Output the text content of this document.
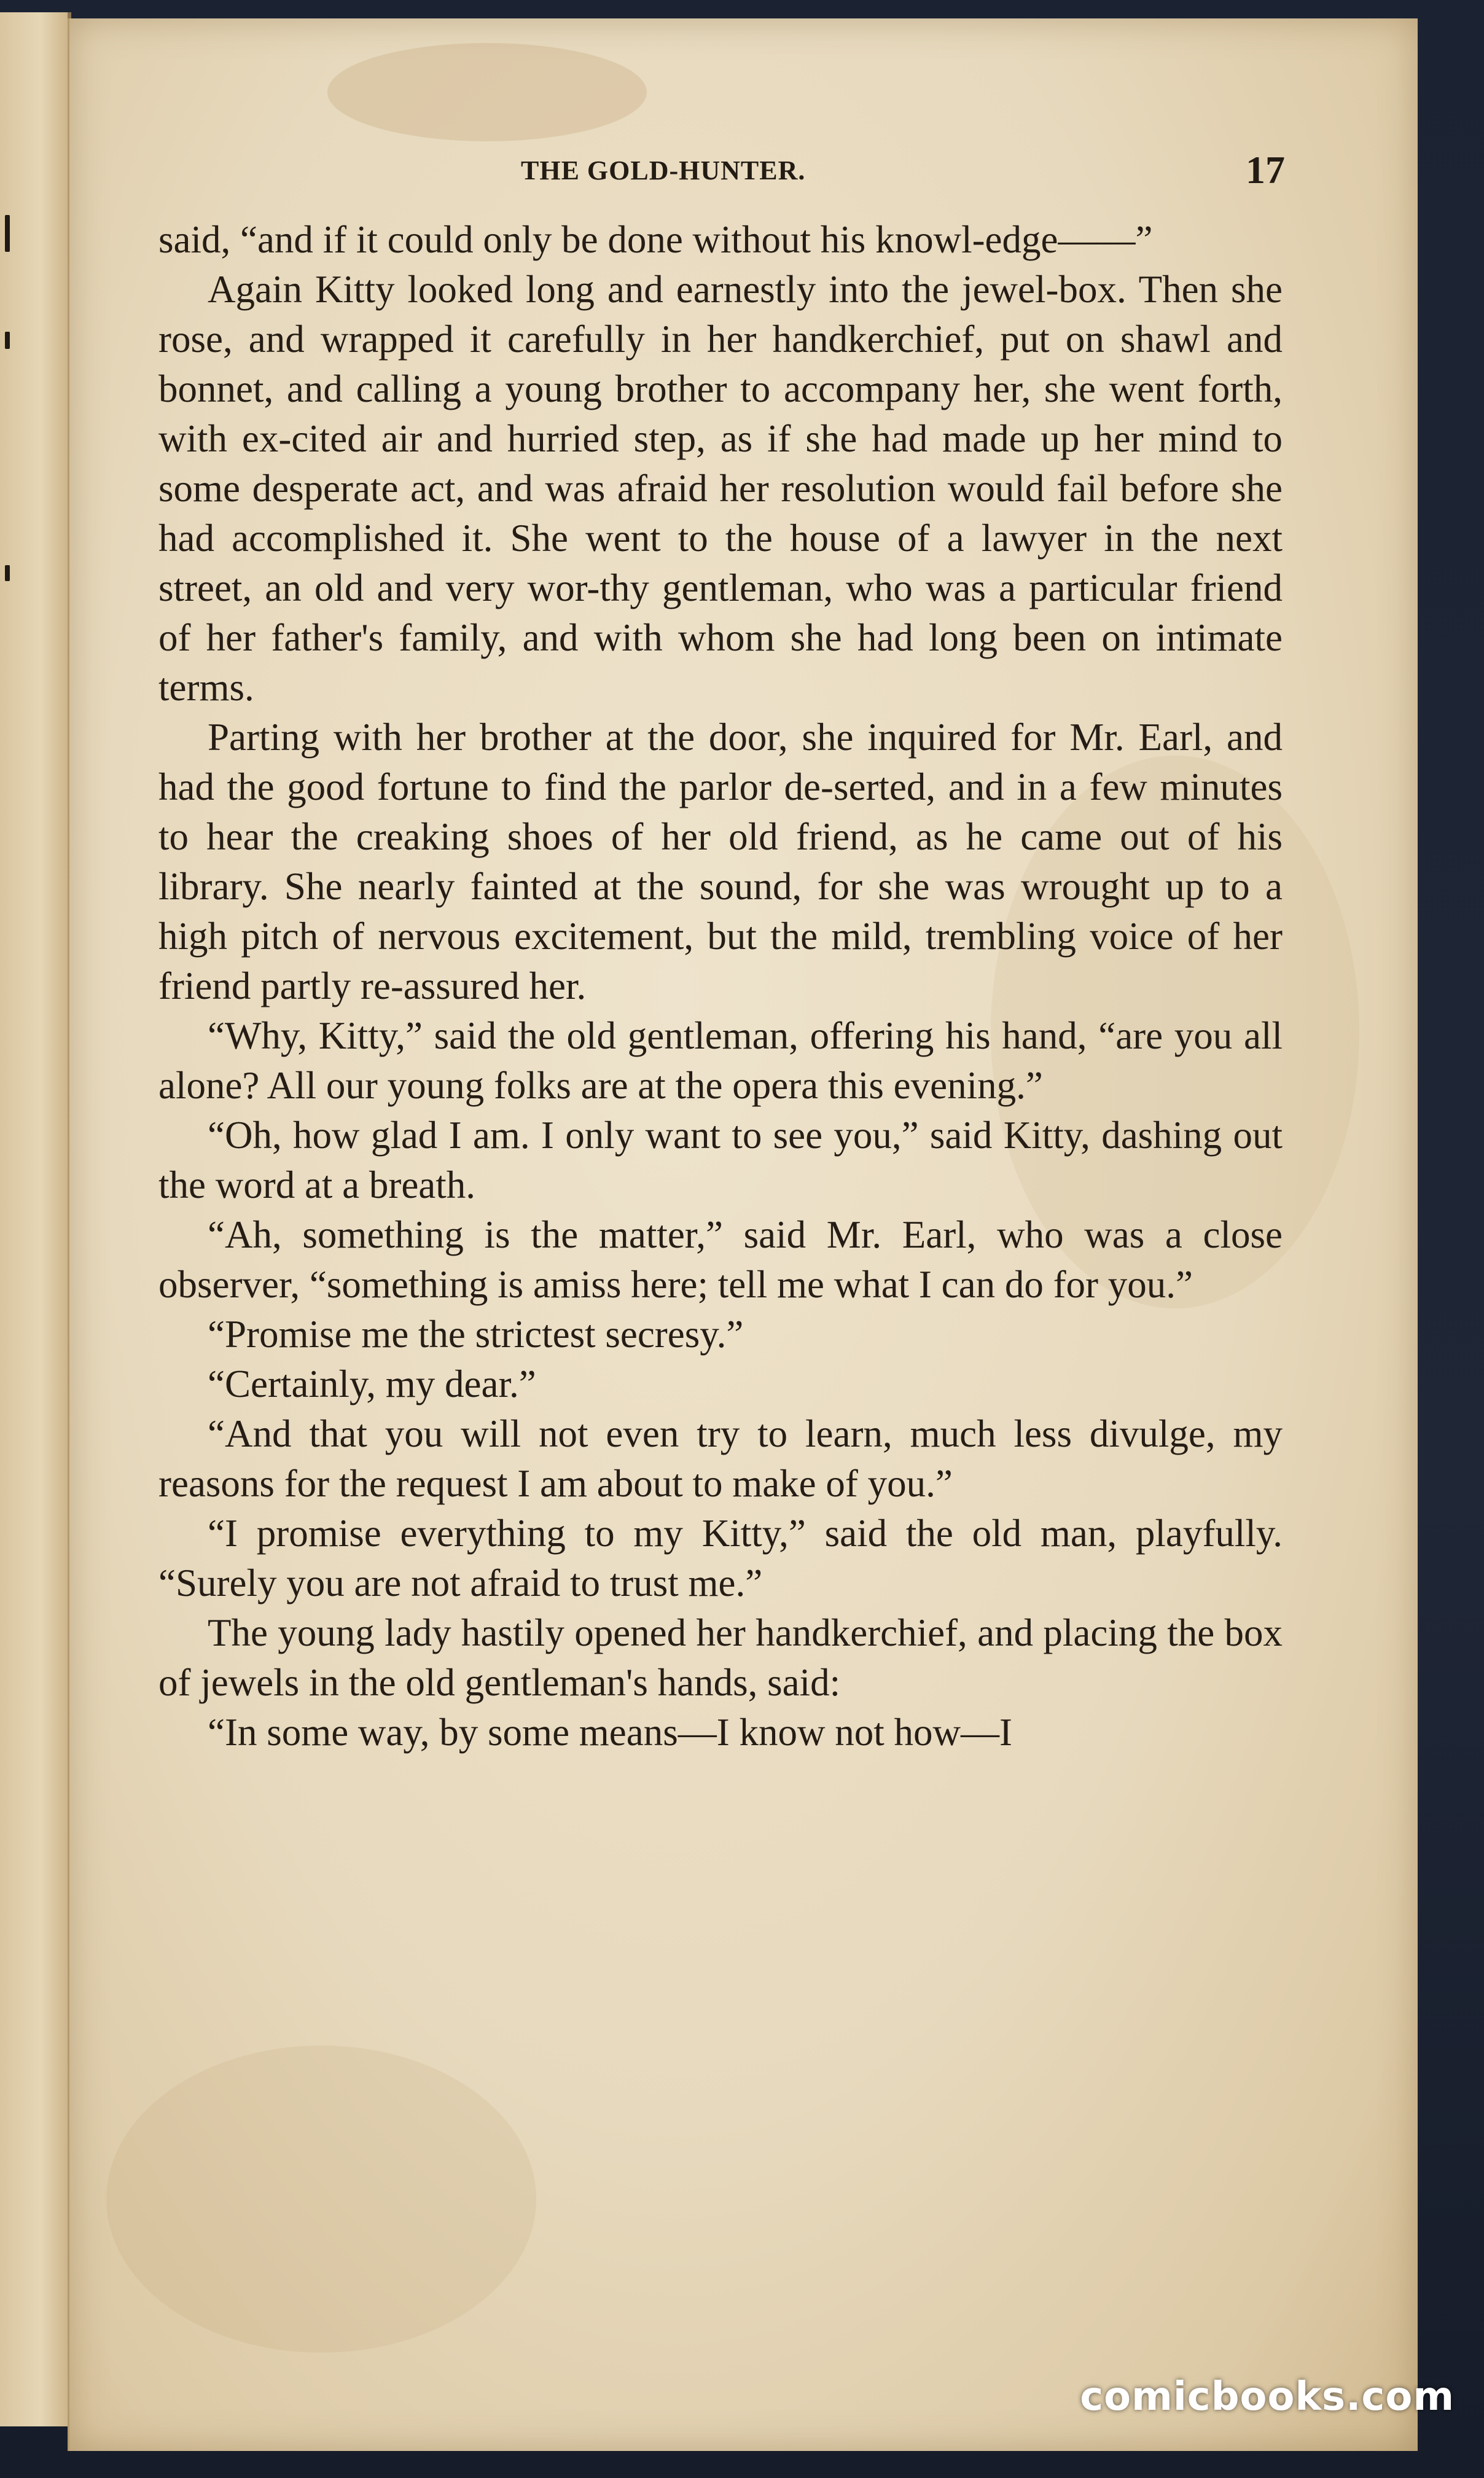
THE GOLD-HUNTER.	17

said, “and if it could only be done without his knowl-edge——”

Again Kitty looked long and earnestly into the jewel-box. Then she rose, and wrapped it carefully in her handkerchief, put on shawl and bonnet, and calling a young brother to accompany her, she went forth, with ex-cited air and hurried step, as if she had made up her mind to some desperate act, and was afraid her resolution would fail before she had accomplished it. She went to the house of a lawyer in the next street, an old and very wor-thy gentleman, who was a particular friend of her father's family, and with whom she had long been on intimate terms.

Parting with her brother at the door, she inquired for Mr. Earl, and had the good fortune to find the parlor de-serted, and in a few minutes to hear the creaking shoes of her old friend, as he came out of his library. She nearly fainted at the sound, for she was wrought up to a high pitch of nervous excitement, but the mild, trembling voice of her friend partly re-assured her.

“Why, Kitty,” said the old gentleman, offering his hand, “are you all alone? All our young folks are at the opera this evening.”

“Oh, how glad I am. I only want to see you,” said Kitty, dashing out the word at a breath.

“Ah, something is the matter,” said Mr. Earl, who was a close observer, “something is amiss here; tell me what I can do for you.”

“Promise me the strictest secresy.”

“Certainly, my dear.”

“And that you will not even try to learn, much less divulge, my reasons for the request I am about to make of you.”

“I promise everything to my Kitty,” said the old man, playfully. “Surely you are not afraid to trust me.”

The young lady hastily opened her handkerchief, and placing the box of jewels in the old gentleman's hands, said:

“In some way, by some means—I know not how—I

comicbooks.com
